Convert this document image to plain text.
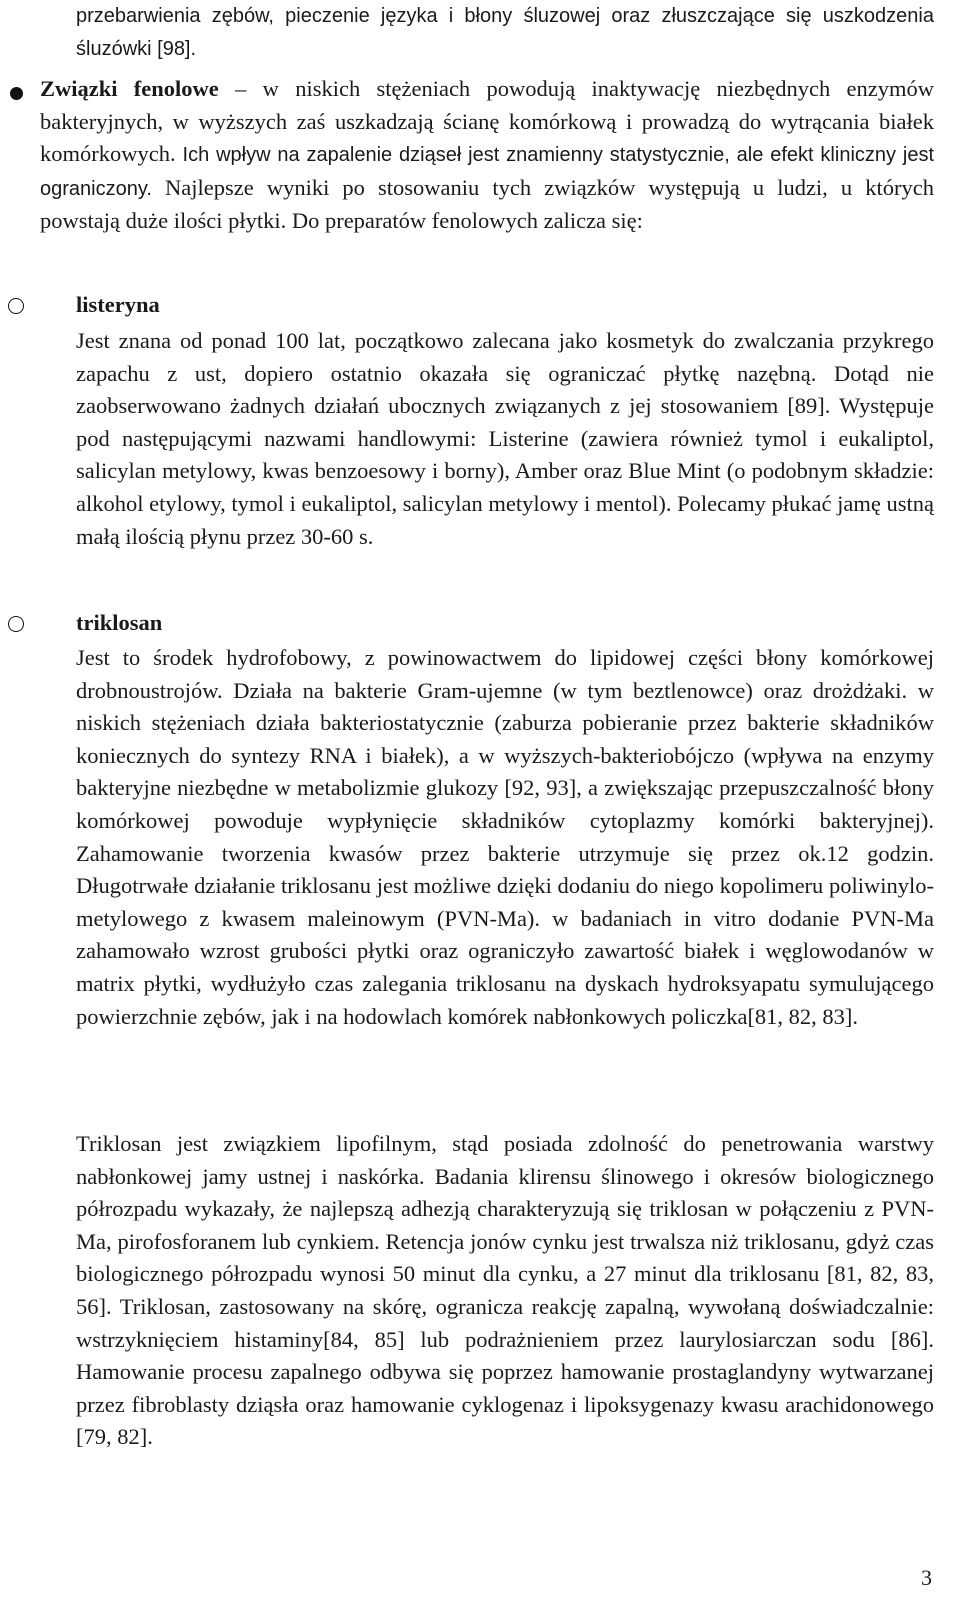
przebarwienia zębów, pieczenie języka i błony śluzowej oraz złuszczające się uszkodzenia śluzówki [98].

Związki fenolowe – w niskich stężeniach powodują inaktywację niezbędnych enzymów bakteryjnych, w wyższych zaś uszkadzają ścianę komórkową i prowadzą do wytrącania białek komórkowych. Ich wpływ na zapalenie dziąseł jest znamienny statystycznie, ale efekt kliniczny jest ograniczony. Najlepsze wyniki po stosowaniu tych związków występują u ludzi, u których powstają duże ilości płytki. Do preparatów fenolowych zalicza się:

listeryna

Jest znana od ponad 100 lat, początkowo zalecana jako kosmetyk do zwalczania przykrego zapachu z ust, dopiero ostatnio okazała się ograniczać płytkę nazębną. Dotąd nie zaobserwowano żadnych działań ubocznych związanych z jej stosowaniem [89]. Występuje pod następującymi nazwami handlowymi: Listerine (zawiera również tymol i eukaliptol, salicylan metylowy, kwas benzoesowy i borny), Amber oraz Blue Mint (o podobnym składzie: alkohol etylowy, tymol i eukaliptol, salicylan metylowy i mentol). Polecamy płukać jamę ustną małą ilością płynu przez 30-60 s.

triklosan

Jest to środek hydrofobowy, z powinowactwem do lipidowej części błony komórkowej drobnoustrojów. Działa na bakterie Gram-ujemne (w tym beztlenowce) oraz drożdżaki. w niskich stężeniach działa bakteriostatycznie (zaburza pobieranie przez bakterie składników koniecznych do syntezy RNA i białek), a w wyższych-bakteriobójczo (wpływa na enzymy bakteryjne niezbędne w metabolizmie glukozy [92, 93], a zwiększając przepuszczalność błony komórkowej powoduje wypłynięcie składników cytoplazmy komórki bakteryjnej). Zahamowanie tworzenia kwasów przez bakterie utrzymuje się przez ok.12 godzin. Długotrwałe działanie triklosanu jest możliwe dzięki dodaniu do niego kopolimeru poliwinylo-metylowego z kwasem maleinowym (PVN-Ma). w badaniach in vitro dodanie PVN-Ma zahamowało wzrost grubości płytki oraz ograniczyło zawartość białek i węglowodanów w matrix płytki, wydłużyło czas zalegania triklosanu na dyskach hydroksyapatu symulującego powierzchnie zębów, jak i na hodowlach komórek nabłonkowych policzka[81, 82, 83].

Triklosan jest związkiem lipofilnym, stąd posiada zdolność do penetrowania warstwy nabłonkowej jamy ustnej i naskórka. Badania klirensu ślinowego i okresów biologicznego półrozpadu wykazały, że najlepszą adhezją charakteryzują się triklosan w połączeniu z PVN-Ma, pirofosforanem lub cynkiem. Retencja jonów cynku jest trwalsza niż triklosanu, gdyż czas biologicznego półrozpadu wynosi 50 minut dla cynku, a 27 minut dla triklosanu [81, 82, 83, 56]. Triklosan, zastosowany na skórę, ogranicza reakcję zapalną, wywołaną doświadczalnie: wstrzyknięciem histaminy[84, 85] lub podrażnieniem przez laurylosiarczan sodu [86]. Hamowanie procesu zapalnego odbywa się poprzez hamowanie prostaglandyny wytwarzanej przez fibroblasty dziąsła oraz hamowanie cyklogenaz i lipoksygenazy kwasu arachidonowego [79, 82].

3
